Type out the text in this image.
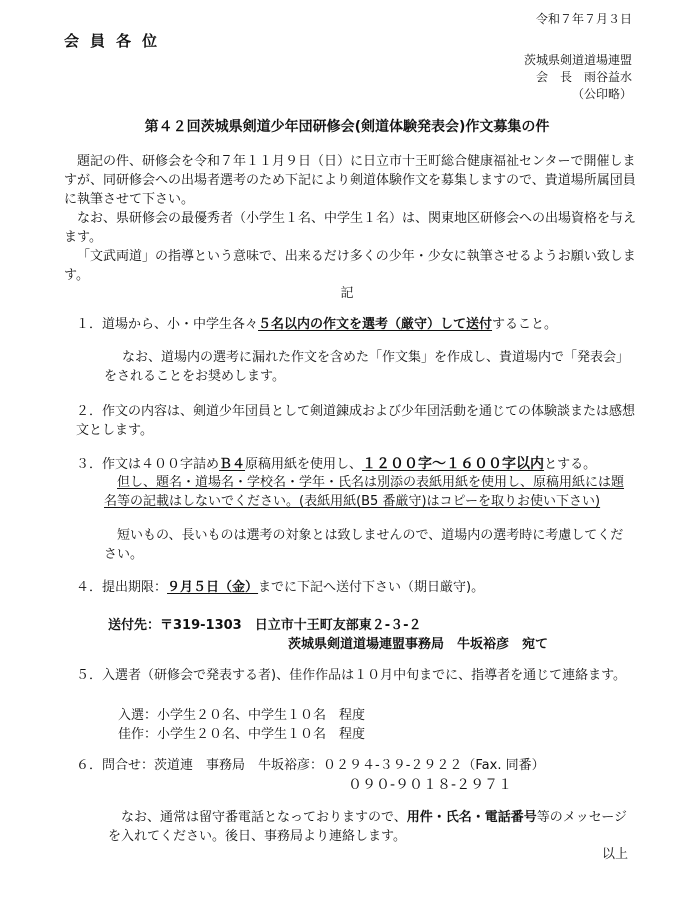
令和７年７月３日
会員各位
茨城県剣道道場連盟
会　長　雨谷益水
（公印略）
第４２回茨城県剣道少年団研修会(剣道体験発表会)作文募集の件
題記の件、研修会を令和７年１１月９日（日）に日立市十王町総合健康福祉センターで開催しますが、同研修会への出場者選考のため下記により剣道体験作文を募集しますので、貴道場所属団員に執筆させて下さい。
なお、県研修会の最優秀者（小学生１名、中学生１名）は、関東地区研修会への出場資格を与えます。
「文武両道」の指導という意味で、出来るだけ多くの少年・少女に執筆させるようお願い致します。
記
１．道場から、小・中学生各々５名以内の作文を選考（厳守）して送付すること。
なお、道場内の選考に漏れた作文を含めた「作文集」を作成し、貴道場内で「発表会」をされることをお奨めします。
２．作文の内容は、剣道少年団員として剣道錬成および少年団活動を通じての体験談または感想文とします。
３．作文は４００字詰めＢ４原稿用紙を使用し、１２００字～１６００字以内とする。
但し、題名・道場名・学校名・学年・氏名は別添の表紙用紙を使用し、原稿用紙には題名等の記載はしないでください。(表紙用紙(B5 番厳守)はコピーを取りお使い下さい)
短いもの、長いものは選考の対象とは致しませんので、道場内の選考時に考慮してください。
４．提出期限：９月５日（金）までに下記へ送付下さい（期日厳守)。
送付先：〒319-1303　日立市十王町友部東２-３-２
茨城県剣道道場連盟事務局　牛坂裕彦　宛て
５．入選者（研修会で発表する者)、佳作作品は１０月中旬までに、指導者を通じて連絡ます。
入選：小学生２０名、中学生１０名　程度
佳作：小学生２０名、中学生１０名　程度
６．問合せ：茨道連　事務局　牛坂裕彦：０２９４-３９-２９２２（Fax. 同番）
０９０-９０１８-２９７１
なお、通常は留守番電話となっておりますので、用件・氏名・電話番号等のメッセージを入れてください。後日、事務局より連絡します。
以上
